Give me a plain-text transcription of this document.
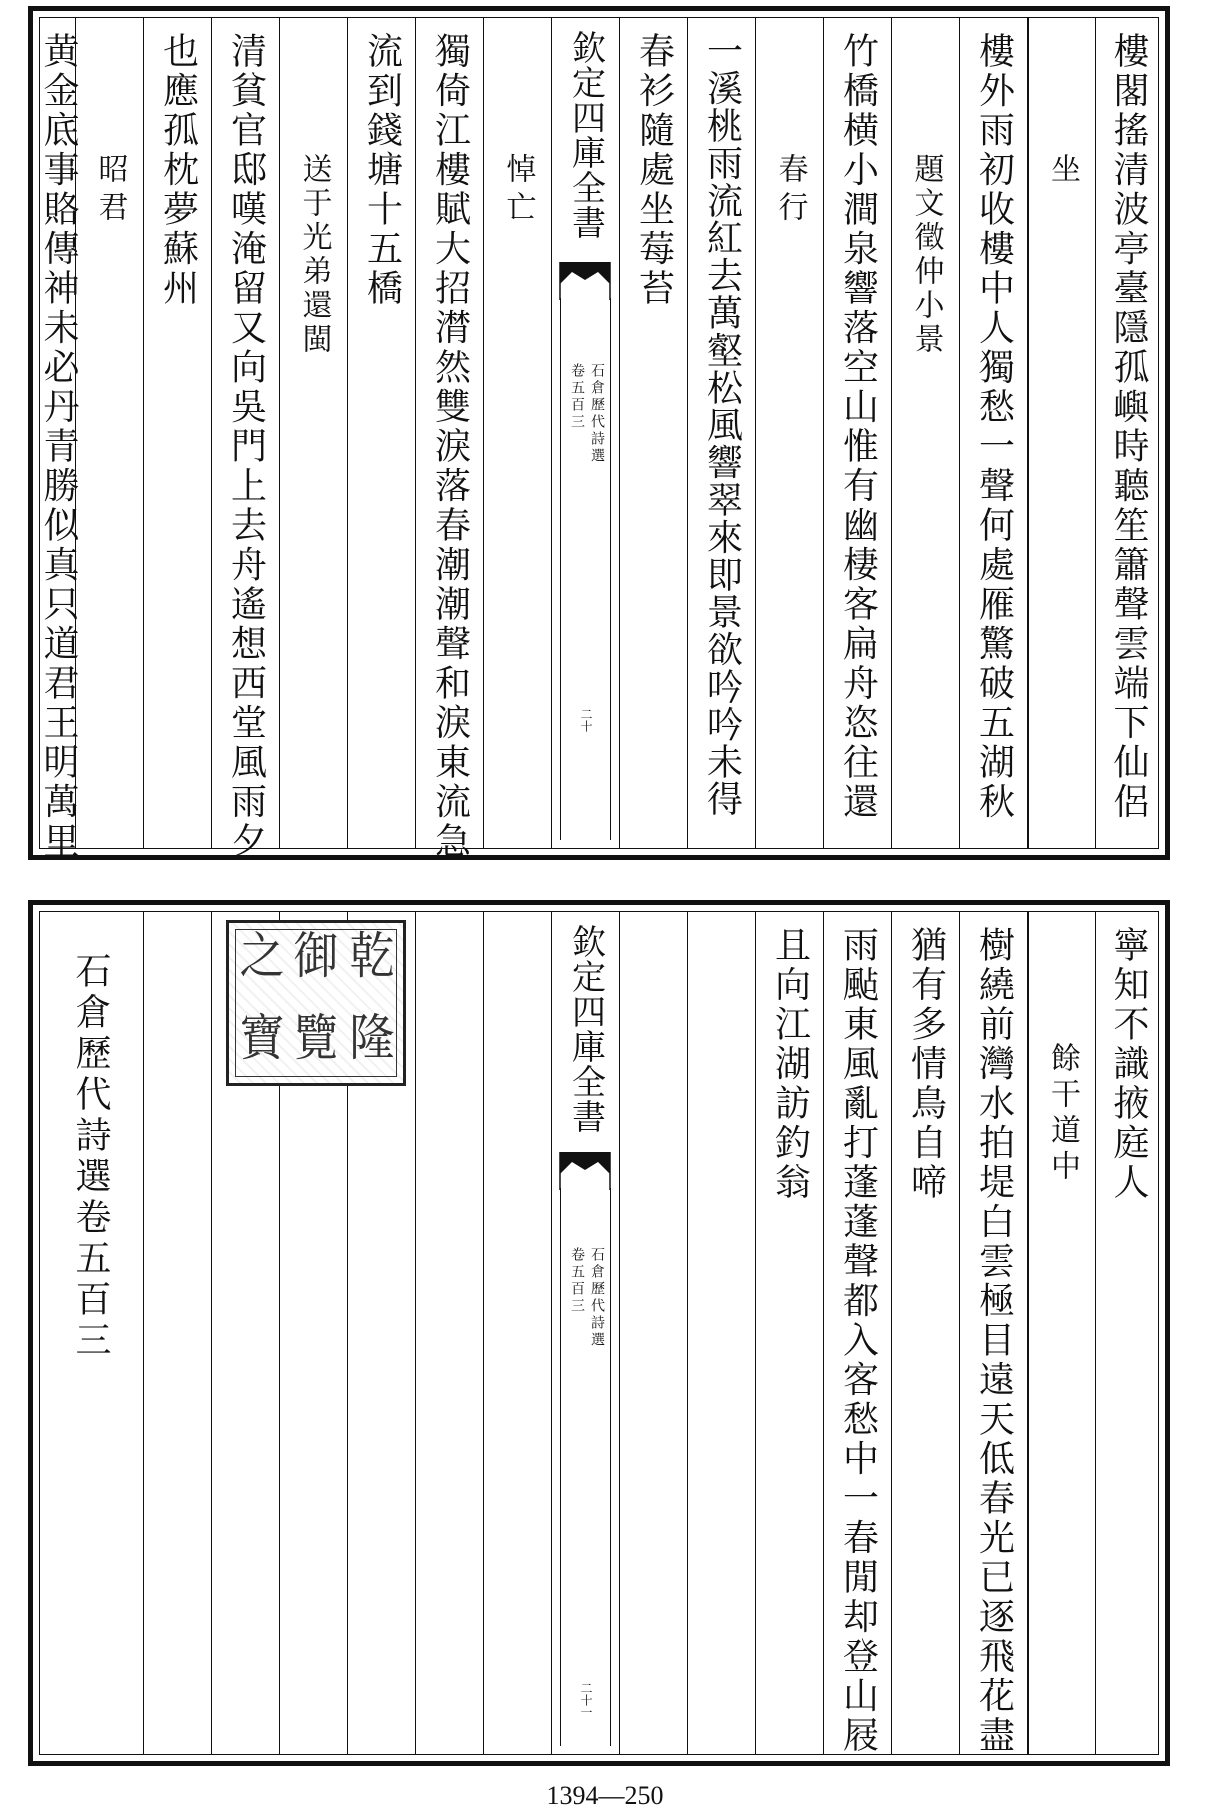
樓閣搖清波亭臺隱孤嶼時聽笙簫聲雲端下仙侶
坐
樓外雨初收樓中人獨愁一聲何處雁驚破五湖秋
題文徵仲小景
竹橋横小澗泉響落空山惟有幽棲客扁舟恣往還
春行
一溪桃雨流紅去萬壑松風響翠來即景欲吟吟未得
春衫隨處坐莓苔
欽定四庫全書
石倉歷代詩選
卷五百三
二十
悼亡
獨倚江樓賦大招潸然雙淚落春潮潮聲和淚東流急
流到錢塘十五橋
送于光弟還閩
清貧官邸嘆淹留又向吳門上去舟遙想西堂風雨夕
也應孤枕夢蘇州
昭君
黄金底事賂傳神未必丹青勝似真只道君王明萬里
寧知不識掖庭人
餘干道中
樹繞前灣水拍堤白雲極目遠天低春光已逐飛花盡
猶有多情鳥自啼
雨颭東風亂打蓬蓬聲都入客愁中一春閒却登山屐
且向江湖訪釣翁
欽定四庫全書
石倉歷代詩選
卷五百三
二十一
石倉歷代詩選卷五百三	乾
隆
御
覽
之
寶
1394—250
